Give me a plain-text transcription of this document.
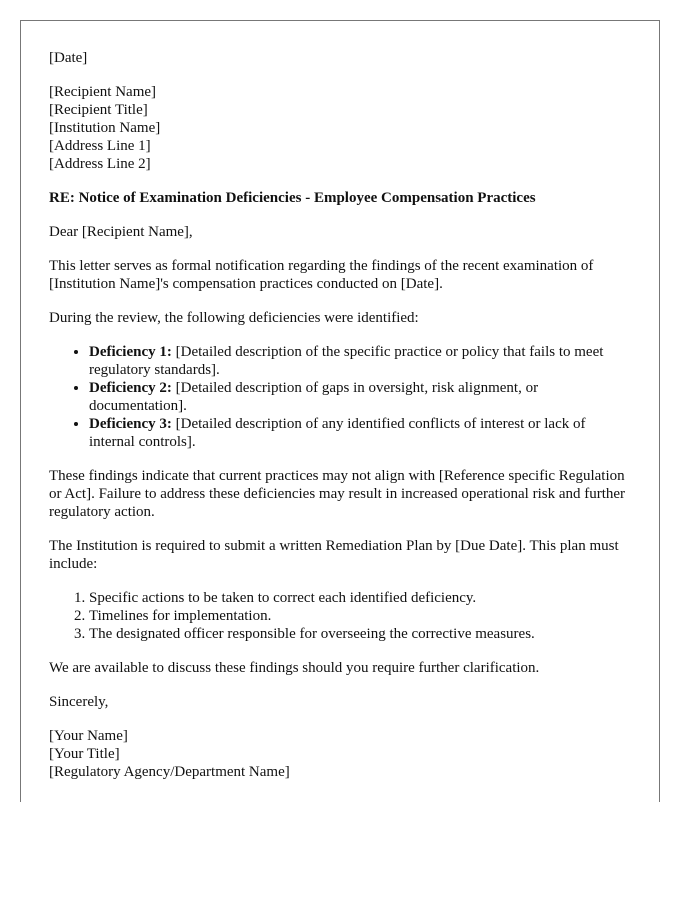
[Date]

[Recipient Name]
[Recipient Title]
[Institution Name]
[Address Line 1]
[Address Line 2]

RE: Notice of Examination Deficiencies - Employee Compensation Practices

Dear [Recipient Name],

This letter serves as formal notification regarding the findings of the recent examination of [Institution Name]'s compensation practices conducted on [Date].

During the review, the following deficiencies were identified:

• Deficiency 1: [Detailed description of the specific practice or policy that fails to meet regulatory standards].
• Deficiency 2: [Detailed description of gaps in oversight, risk alignment, or documentation].
• Deficiency 3: [Detailed description of any identified conflicts of interest or lack of internal controls].

These findings indicate that current practices may not align with [Reference specific Regulation or Act]. Failure to address these deficiencies may result in increased operational risk and further regulatory action.

The Institution is required to submit a written Remediation Plan by [Due Date]. This plan must include:

1. Specific actions to be taken to correct each identified deficiency.
2. Timelines for implementation.
3. The designated officer responsible for overseeing the corrective measures.

We are available to discuss these findings should you require further clarification.

Sincerely,

[Your Name]
[Your Title]
[Regulatory Agency/Department Name]
